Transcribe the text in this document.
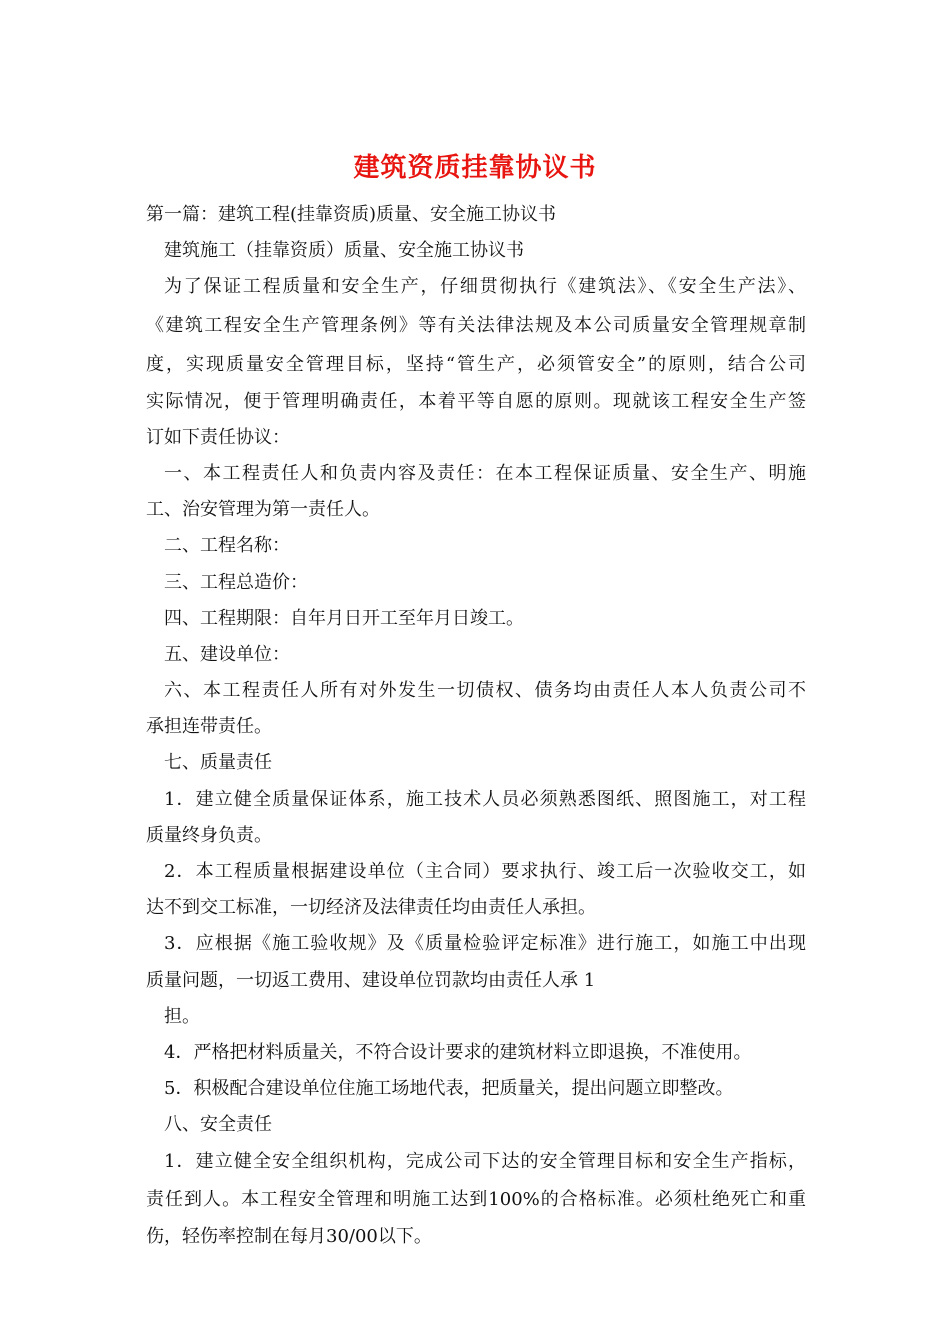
建筑资质挂靠协议书
第一篇：建筑工程(挂靠资质)质量、安全施工协议书
建筑施工（挂靠资质）质量、安全施工协议书
为了保证工程质量和安全生产，仔细贯彻执行《建筑法》、《安全生产法》、
《建筑工程安全生产管理条例》等有关法律法规及本公司质量安全管理规章制
度，实现质量安全管理目标，坚持“管生产，必须管安全”的原则，结合公司
实际情况，便于管理明确责任，本着平等自愿的原则。现就该工程安全生产签
订如下责任协议：
一、本工程责任人和负责内容及责任：在本工程保证质量、安全生产、明施
工、治安管理为第一责任人。
二、工程名称：
三、工程总造价：
四、工程期限：自年月日开工至年月日竣工。
五、建设单位：
六、本工程责任人所有对外发生一切债权、债务均由责任人本人负责公司不
承担连带责任。
七、质量责任
1．建立健全质量保证体系，施工技术人员必须熟悉图纸、照图施工，对工程
质量终身负责。
2．本工程质量根据建设单位（主合同）要求执行、竣工后一次验收交工，如
达不到交工标准，一切经济及法律责任均由责任人承担。
3．应根据《施工验收规》及《质量检验评定标准》进行施工，如施工中出现
质量问题，一切返工费用、建设单位罚款均由责任人承 1
担。
4．严格把材料质量关，不符合设计要求的建筑材料立即退换，不准使用。
5．积极配合建设单位住施工场地代表，把质量关，提出问题立即整改。
八、安全责任
1．建立健全安全组织机构，完成公司下达的安全管理目标和安全生产指标，
责任到人。本工程安全管理和明施工达到100%的合格标准。必须杜绝死亡和重
伤，轻伤率控制在每月30/00以下。
